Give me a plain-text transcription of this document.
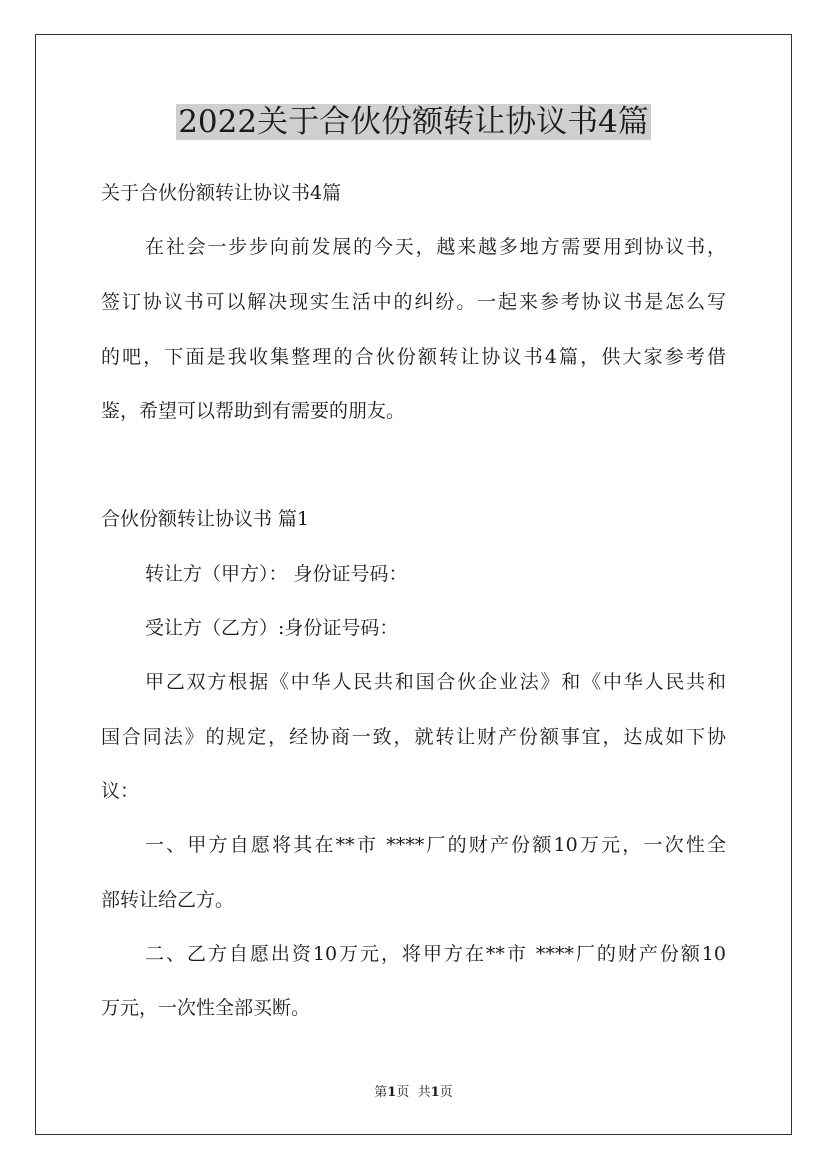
2022关于合伙份额转让协议书4篇
关于合伙份额转让协议书4篇
在社会一步步向前发展的今天，越来越多地方需要用到协议书，
签订协议书可以解决现实生活中的纠纷。一起来参考协议书是怎么写
的吧，下面是我收集整理的合伙份额转让协议书4篇，供大家参考借
鉴，希望可以帮助到有需要的朋友。
合伙份额转让协议书 篇1
转让方（甲方）： 身份证号码：
受让方（乙方）:身份证号码：
甲乙双方根据《中华人民共和国合伙企业法》和《中华人民共和
国合同法》的规定，经协商一致，就转让财产份额事宜，达成如下协
议：
一、甲方自愿将其在**市 ****厂的财产份额10万元，一次性全
部转让给乙方。
二、乙方自愿出资10万元，将甲方在**市 ****厂的财产份额10
万元，一次性全部买断。
第1页 共1页
